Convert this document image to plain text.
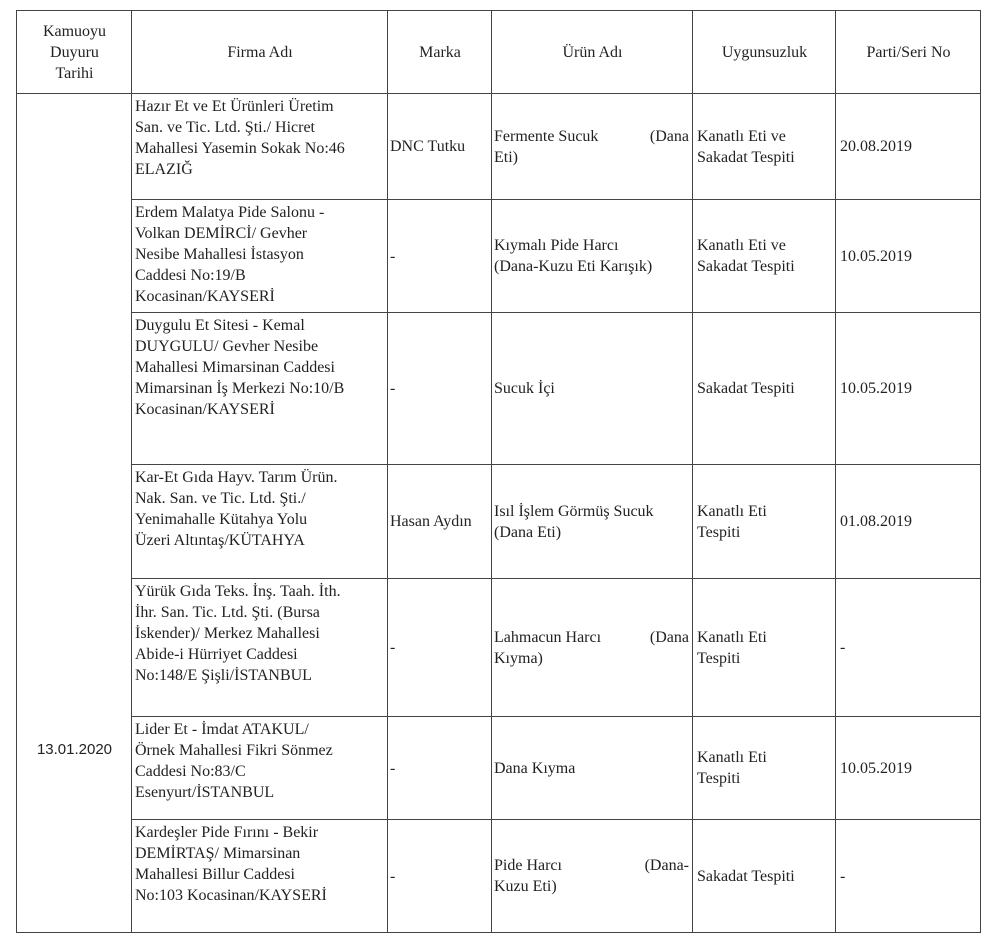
Kamuoyu
Duyuru
Tarihi	Firma Adı	Marka	Ürün Adı	Uygunsuzluk	Parti/Seri No
13.01.2020	Hazır Et ve Et Ürünleri Üretim
San. ve Tic. Ltd. Şti./ Hicret
Mahallesi Yasemin Sokak No:46
ELAZIĞ	DNC Tutku	Fermente Sucuk (Dana
Eti)	Kanatlı Eti ve
Sakadat Tespiti	20.08.2019

	Erdem Malatya Pide Salonu -
Volkan DEMİRCİ/ Gevher
Nesibe Mahallesi İstasyon
Caddesi No:19/B
Kocasinan/KAYSERİ	-	Kıymalı Pide Harcı
(Dana-Kuzu Eti Karışık)	Kanatlı Eti ve
Sakadat Tespiti	10.05.2019

	Duygulu Et Sitesi - Kemal
DUYGULU/ Gevher Nesibe
Mahallesi Mimarsinan Caddesi
Mimarsinan İş Merkezi No:10/B
Kocasinan/KAYSERİ	-	Sucuk İçi	Sakadat Tespiti	10.05.2019

	Kar-Et Gıda Hayv. Tarım Ürün.
Nak. San. ve Tic. Ltd. Şti./
Yenimahalle Kütahya Yolu
Üzeri Altıntaş/KÜTAHYA	Hasan Aydın	Isıl İşlem Görmüş Sucuk
(Dana Eti)	Kanatlı Eti
Tespiti	01.08.2019

	Yürük Gıda Teks. İnş. Taah. İth.
İhr. San. Tic. Ltd. Şti. (Bursa
İskender)/ Merkez Mahallesi
Abide-i Hürriyet Caddesi
No:148/E Şişli/İSTANBUL	-	Lahmacun Harcı (Dana
Kıyma)	Kanatlı Eti
Tespiti	-

	Lider Et - İmdat ATAKUL/
Örnek Mahallesi Fikri Sönmez
Caddesi No:83/C
Esenyurt/İSTANBUL	-	Dana Kıyma	Kanatlı Eti
Tespiti	10.05.2019

	Kardeşler Pide Fırını - Bekir
DEMİRTAŞ/ Mimarsinan
Mahallesi Billur Caddesi
No:103 Kocasinan/KAYSERİ	-	Pide Harcı (Dana-
Kuzu Eti)	Sakadat Tespiti	-
